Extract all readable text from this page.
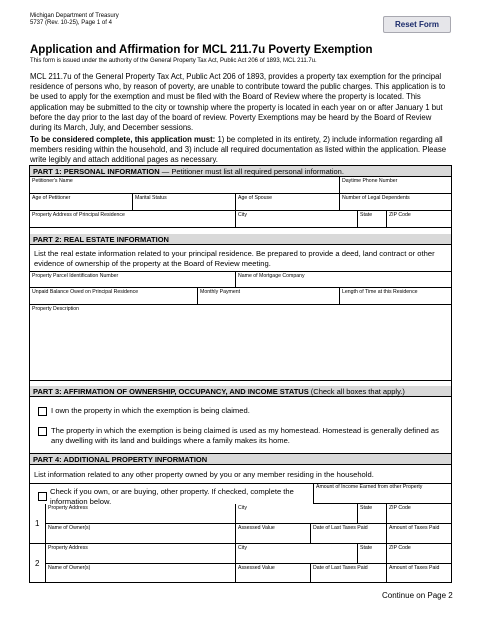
Michigan Department of Treasury
5737 (Rev. 10-25), Page 1 of 4	Reset Form
Application and Affirmation for MCL 211.7u Poverty Exemption
This form is issued under the authority of the General Property Tax Act, Public Act 206 of 1893, MCL 211.7u.
MCL 211.7u of the General Property Tax Act, Public Act 206 of 1893, provides a property tax exemption for the principal residence of persons who, by reason of poverty, are unable to contribute toward the public charges. This application is to be used to apply for the exemption and must be filed with the Board of Review where the property is located. This application may be submitted to the city or township where the property is located in each year on or after January 1 but before the day prior to the last day of the board of review. Poverty Exemptions may be heard by the Board of Review during its March, July, and December sessions.
To be considered complete, this application must: 1) be completed in its entirety, 2) include information regarding all members residing within the household, and 3) include all required documentation as listed within the application. Please write legibly and attach additional pages as necessary.
PART 1: PERSONAL INFORMATION — Petitioner must list all required personal information.
Petitioner's Name	Daytime Phone Number
Age of Petitioner	Marital Status	Age of Spouse	Number of Legal Dependents
Property Address of Principal Residence	City	State	ZIP Code
PART 2: REAL ESTATE INFORMATION
List the real estate information related to your principal residence. Be prepared to provide a deed, land contract or other evidence of ownership of the property at the Board of Review meeting.
Property Parcel Identification Number	Name of Mortgage Company
Unpaid Balance Owed on Principal Residence	Monthly Payment	Length of Time at this Residence
Property Description
PART 3: AFFIRMATION OF OWNERSHIP, OCCUPANCY, AND INCOME STATUS (Check all boxes that apply.)
I own the property in which the exemption is being claimed.
The property in which the exemption is being claimed is used as my homestead. Homestead is generally defined as any dwelling with its land and buildings where a family makes its home.
PART 4: ADDITIONAL PROPERTY INFORMATION
List information related to any other property owned by you or any member residing in the household.
Check if you own, or are buying, other property. If checked, complete the information below.
Amount of Income Earned from other Property
1
Property Address	City	State	ZIP Code
Name of Owner(s)	Assessed Value	Date of Last Taxes Paid	Amount of Taxes Paid
2
Property Address	City	State	ZIP Code
Name of Owner(s)	Assessed Value	Date of Last Taxes Paid	Amount of Taxes Paid
Continue on Page 2
